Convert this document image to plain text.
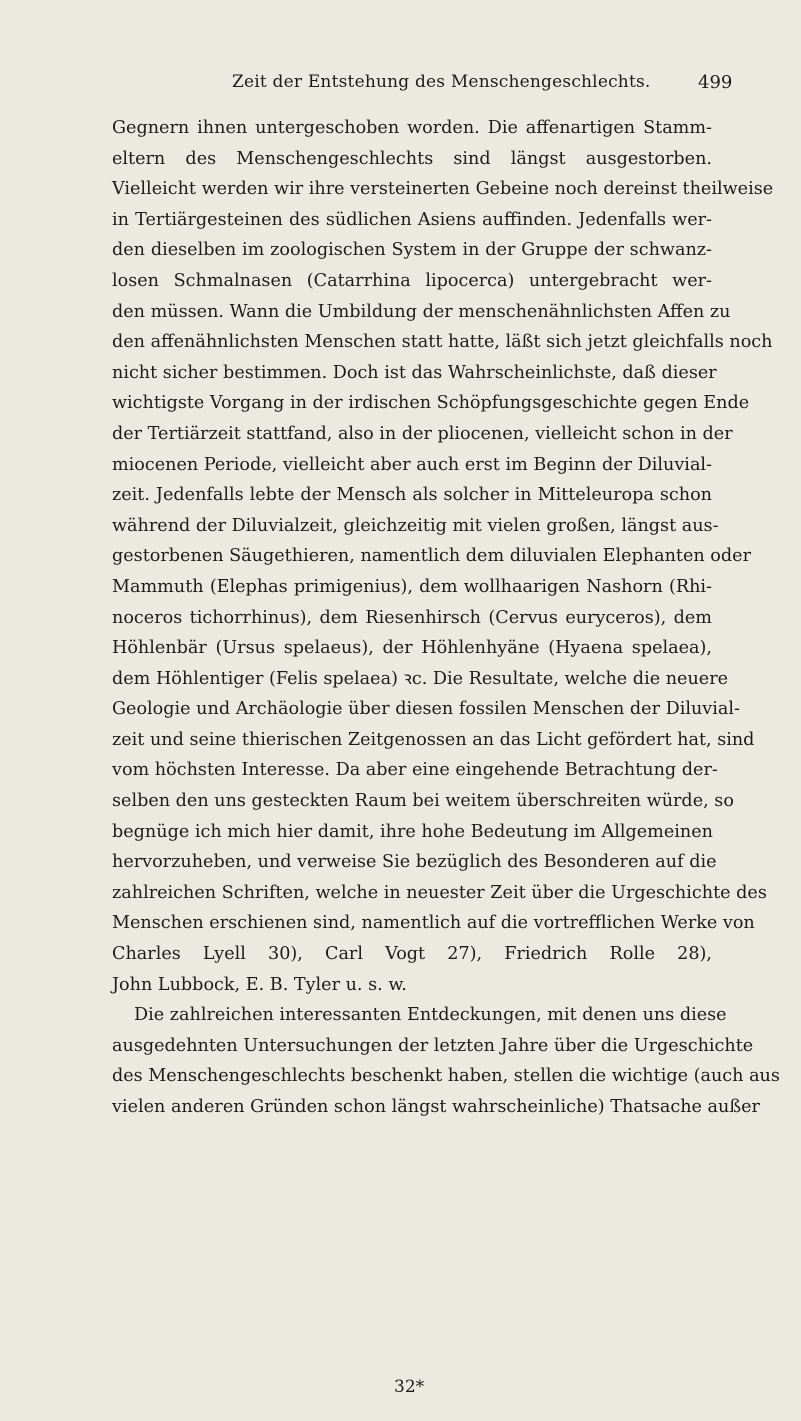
Zeit der Entstehung des Menschengeschlechts.	499
Gegnern ihnen untergeschoben worden. Die affenartigen Stamm-
eltern des Menschengeschlechts sind längst ausgestorben.
Vielleicht werden wir ihre versteinerten Gebeine noch dereinst theilweise
in Tertiärgesteinen des südlichen Asiens auffinden. Jedenfalls wer-
den dieselben im zoologischen System in der Gruppe der schwanz-
losen Schmalnasen (Catarrhina lipocerca) untergebracht wer-
den müssen. Wann die Umbildung der menschenähnlichsten Affen zu
den affenähnlichsten Menschen statt hatte, läßt sich jetzt gleichfalls noch
nicht sicher bestimmen. Doch ist das Wahrscheinlichste, daß dieser
wichtigste Vorgang in der irdischen Schöpfungsgeschichte gegen Ende
der Tertiärzeit stattfand, also in der pliocenen, vielleicht schon in der
miocenen Periode, vielleicht aber auch erst im Beginn der Diluvial-
zeit. Jedenfalls lebte der Mensch als solcher in Mitteleuropa schon
während der Diluvialzeit, gleichzeitig mit vielen großen, längst aus-
gestorbenen Säugethieren, namentlich dem diluvialen Elephanten oder
Mammuth (Elephas primigenius), dem wollhaarigen Nashorn (Rhi-
noceros tichorrhinus), dem Riesenhirsch (Cervus euryceros), dem
Höhlenbär (Ursus spelaeus), der Höhlenhyäne (Hyaena spelaea),
dem Höhlentiger (Felis spelaea) ꝛc. Die Resultate, welche die neuere
Geologie und Archäologie über diesen fossilen Menschen der Diluvial-
zeit und seine thierischen Zeitgenossen an das Licht gefördert hat, sind
vom höchsten Interesse. Da aber eine eingehende Betrachtung der-
selben den uns gesteckten Raum bei weitem überschreiten würde, so
begnüge ich mich hier damit, ihre hohe Bedeutung im Allgemeinen
hervorzuheben, und verweise Sie bezüglich des Besonderen auf die
zahlreichen Schriften, welche in neuester Zeit über die Urgeschichte des
Menschen erschienen sind, namentlich auf die vortrefflichen Werke von
Charles Lyell 30), Carl Vogt 27), Friedrich Rolle 28),
John Lubbock, E. B. Tyler u. s. w.
Die zahlreichen interessanten Entdeckungen, mit denen uns diese
ausgedehnten Untersuchungen der letzten Jahre über die Urgeschichte
des Menschengeschlechts beschenkt haben, stellen die wichtige (auch aus
vielen anderen Gründen schon längst wahrscheinliche) Thatsache außer
32*
